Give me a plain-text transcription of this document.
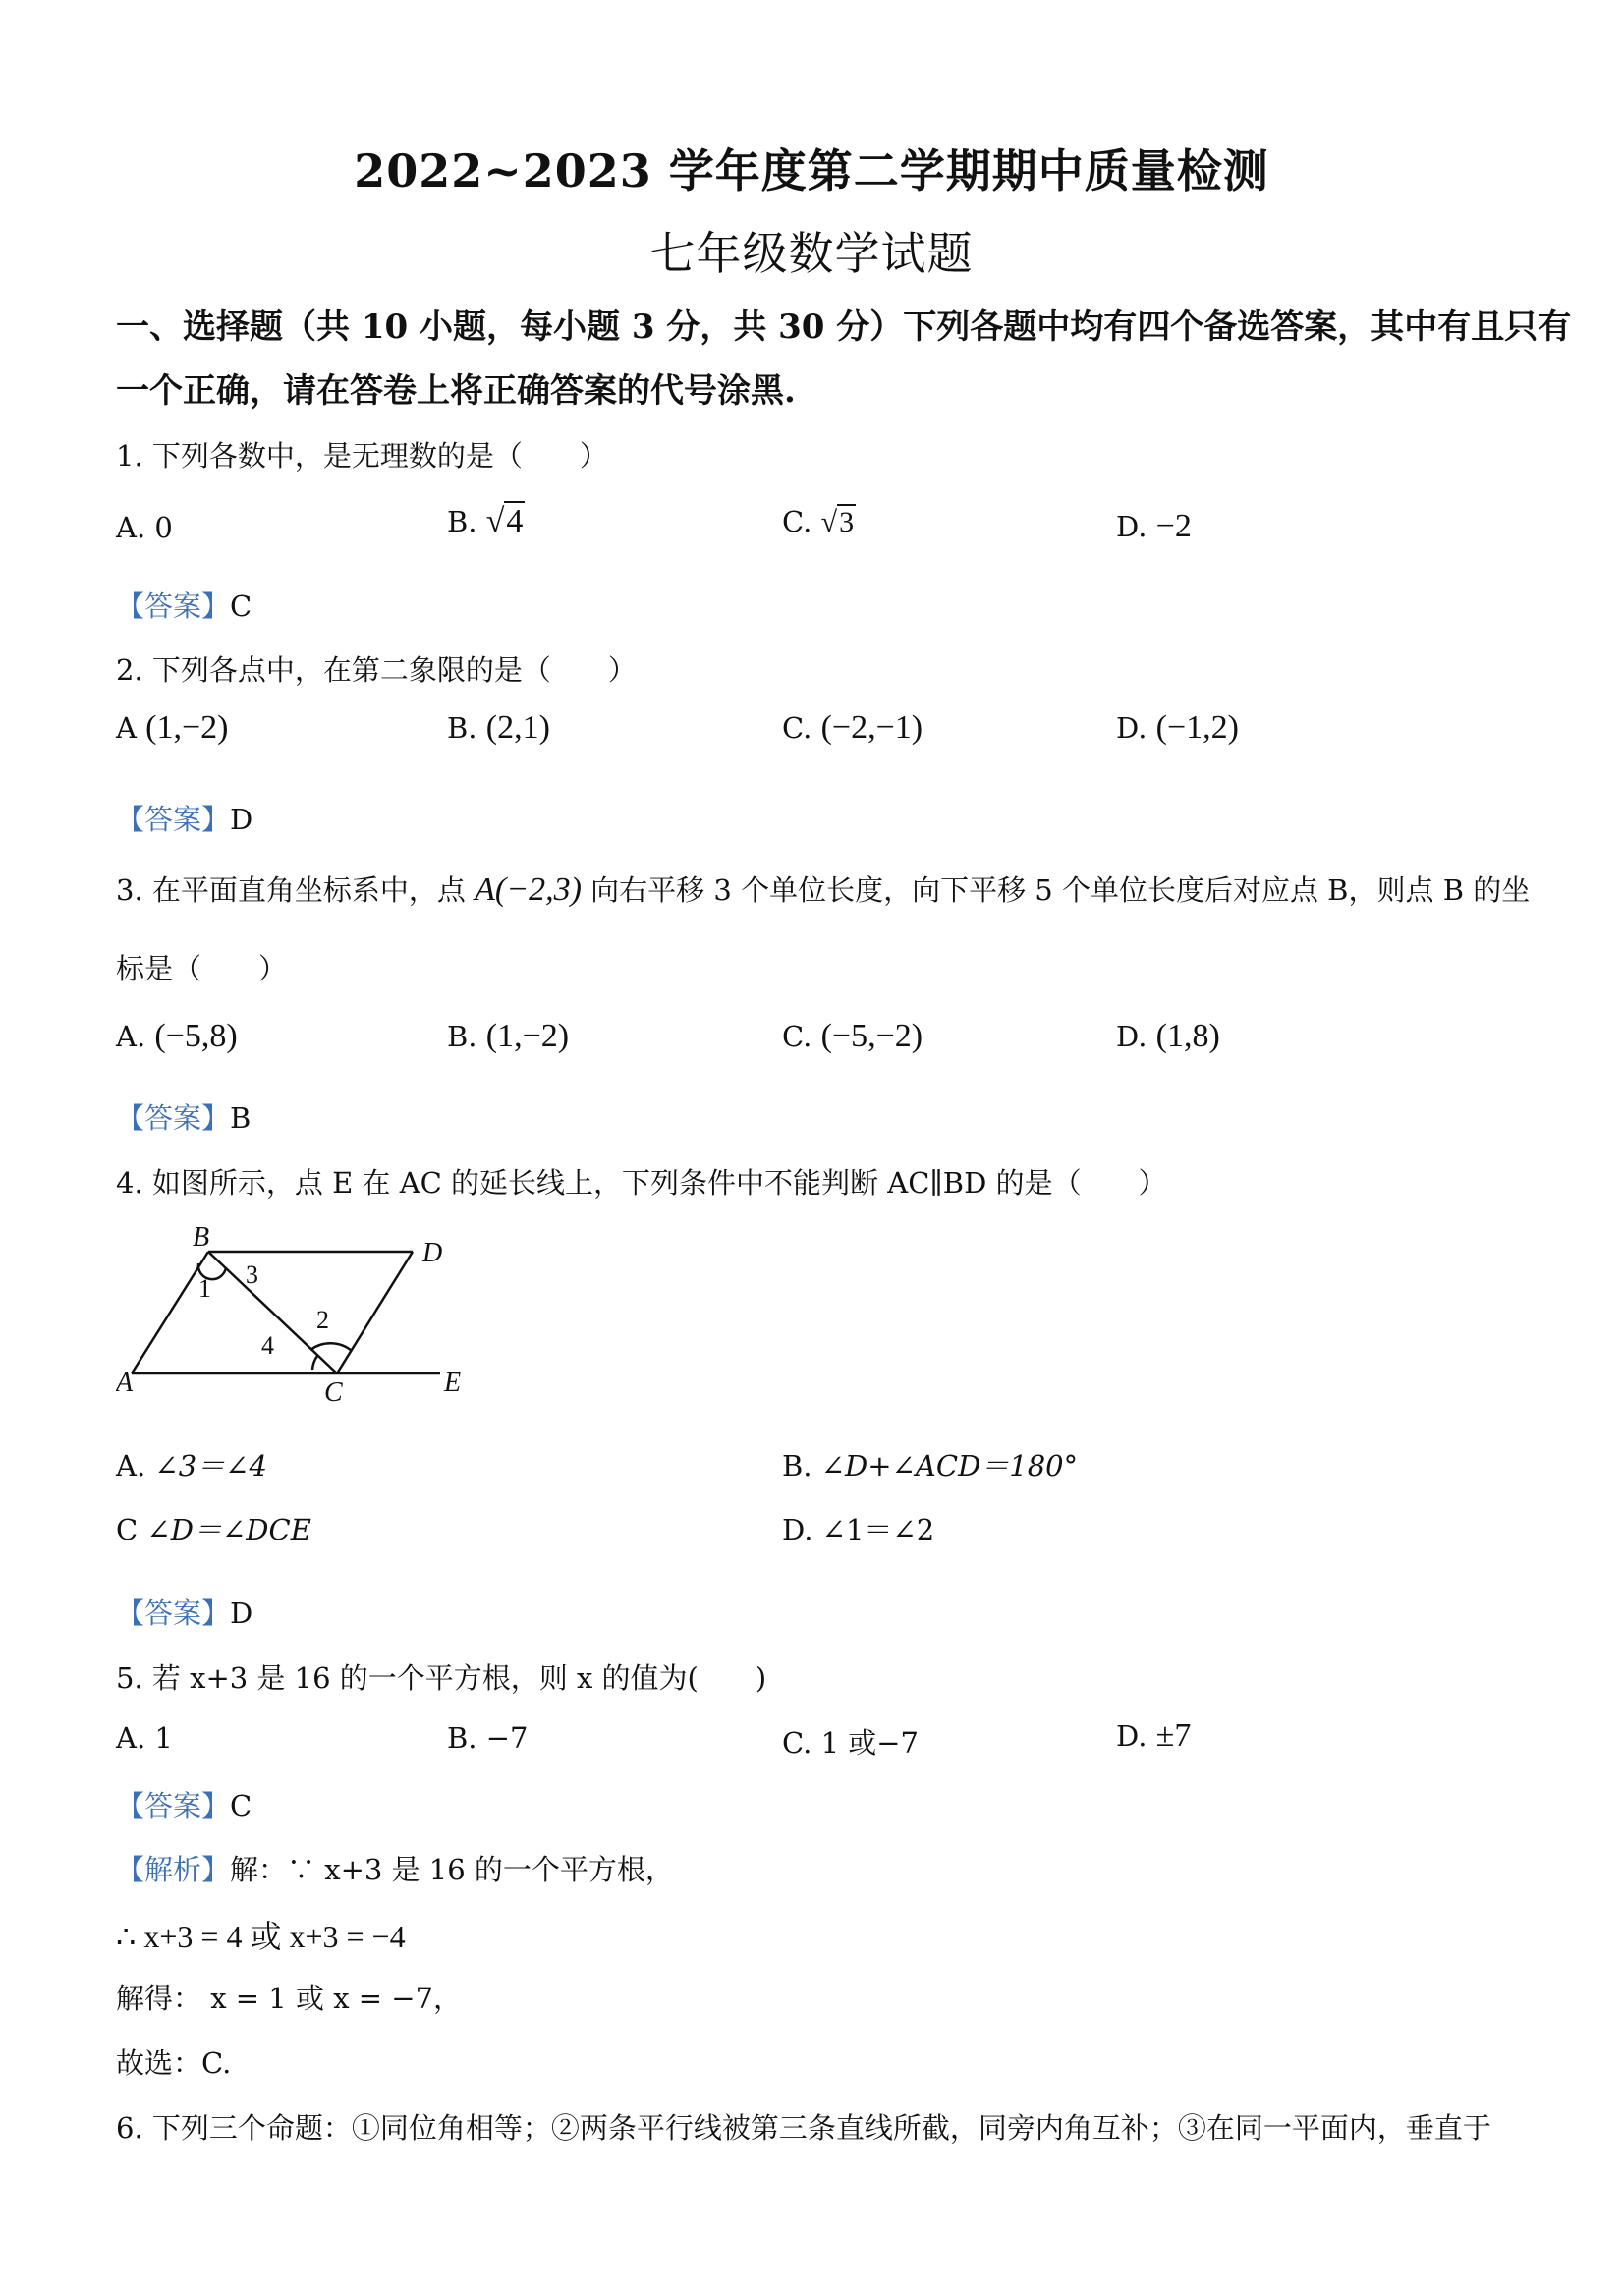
2022~2023 学年度第二学期期中质量检测
七年级数学试题
一、选择题（共 10 小题，每小题 3 分，共 30 分）下列各题中均有四个备选答案，其中有且只有
一个正确，请在答卷上将正确答案的代号涂黑.
1. 下列各数中，是无理数的是（　　）
A. 0	B. √4	C. √3	D. −2
【答案】C
2. 下列各点中，在第二象限的是（　　）
A (1,−2)	B. (2,1)	C. (−2,−1)	D. (−1,2)
【答案】D
3. 在平面直角坐标系中，点 A(−2,3) 向右平移 3 个单位长度，向下平移 5 个单位长度后对应点 B，则点 B 的坐
标是（　　）
A. (−5,8)	B. (1,−2)	C. (−5,−2)	D. (1,8)
【答案】B
4. 如图所示，点 E 在 AC 的延长线上，下列条件中不能判断 AC∥BD 的是（　　）
B
D
A	C	E
1
2
3
4
A. ∠3＝∠4	B. ∠D+∠ACD＝180°
C ∠D＝∠DCE	D. ∠1＝∠2
【答案】D
5. 若 x+3 是 16 的一个平方根，则 x 的值为(　　)
A. 1	B. −7	C. 1 或−7	D. ±7
【答案】C
【解析】解：∵ x+3 是 16 的一个平方根，
∴ x+3 = 4 或 x+3 = −4
解得： x = 1 或 x = −7，
故选：C.
6. 下列三个命题：①同位角相等；②两条平行线被第三条直线所截，同旁内角互补；③在同一平面内，垂直于
